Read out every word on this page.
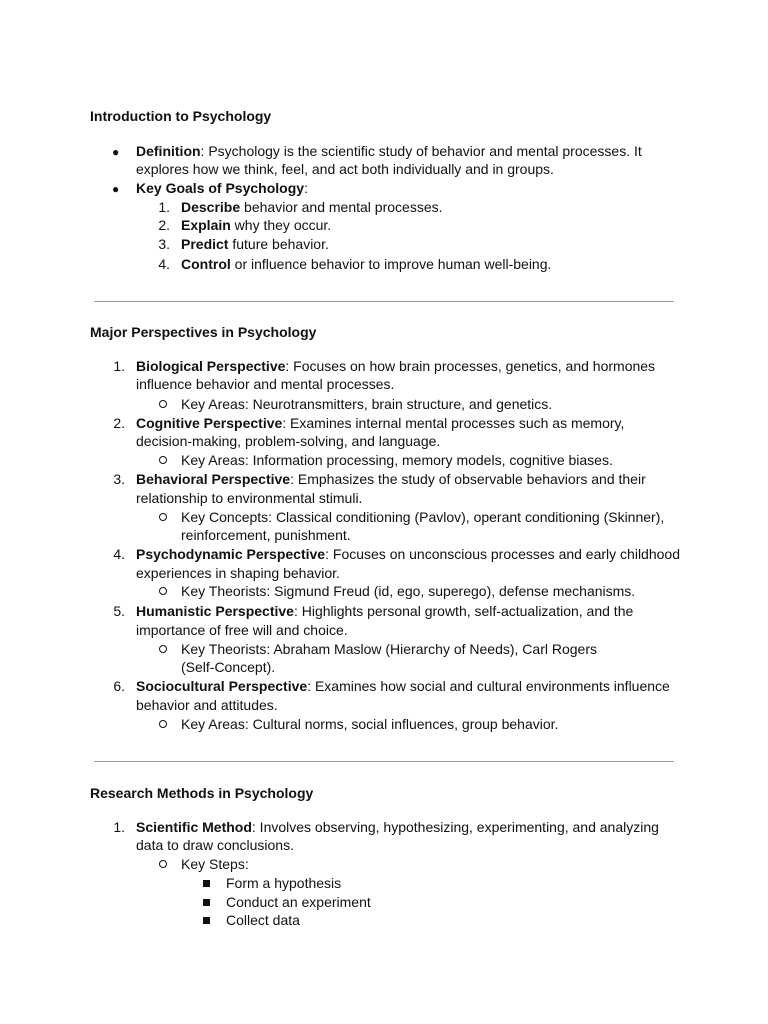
Introduction to Psychology
● Definition: Psychology is the scientific study of behavior and mental processes. It
explores how we think, feel, and act both individually and in groups.
● Key Goals of Psychology:
1. Describe behavior and mental processes.
2. Explain why they occur.
3. Predict future behavior.
4. Control or influence behavior to improve human well-being.
Major Perspectives in Psychology
1. Biological Perspective: Focuses on how brain processes, genetics, and hormones
influence behavior and mental processes.
Key Areas: Neurotransmitters, brain structure, and genetics.
2. Cognitive Perspective: Examines internal mental processes such as memory,
decision-making, problem-solving, and language.
Key Areas: Information processing, memory models, cognitive biases.
3. Behavioral Perspective: Emphasizes the study of observable behaviors and their
relationship to environmental stimuli.
Key Concepts: Classical conditioning (Pavlov), operant conditioning (Skinner),
reinforcement, punishment.
4. Psychodynamic Perspective: Focuses on unconscious processes and early childhood
experiences in shaping behavior.
Key Theorists: Sigmund Freud (id, ego, superego), defense mechanisms.
5. Humanistic Perspective: Highlights personal growth, self-actualization, and the
importance of free will and choice.
Key Theorists: Abraham Maslow (Hierarchy of Needs), Carl Rogers
(Self-Concept).
6. Sociocultural Perspective: Examines how social and cultural environments influence
behavior and attitudes.
Key Areas: Cultural norms, social influences, group behavior.
Research Methods in Psychology
1. Scientific Method: Involves observing, hypothesizing, experimenting, and analyzing
data to draw conclusions.
Key Steps:
Form a hypothesis
Conduct an experiment
Collect data
